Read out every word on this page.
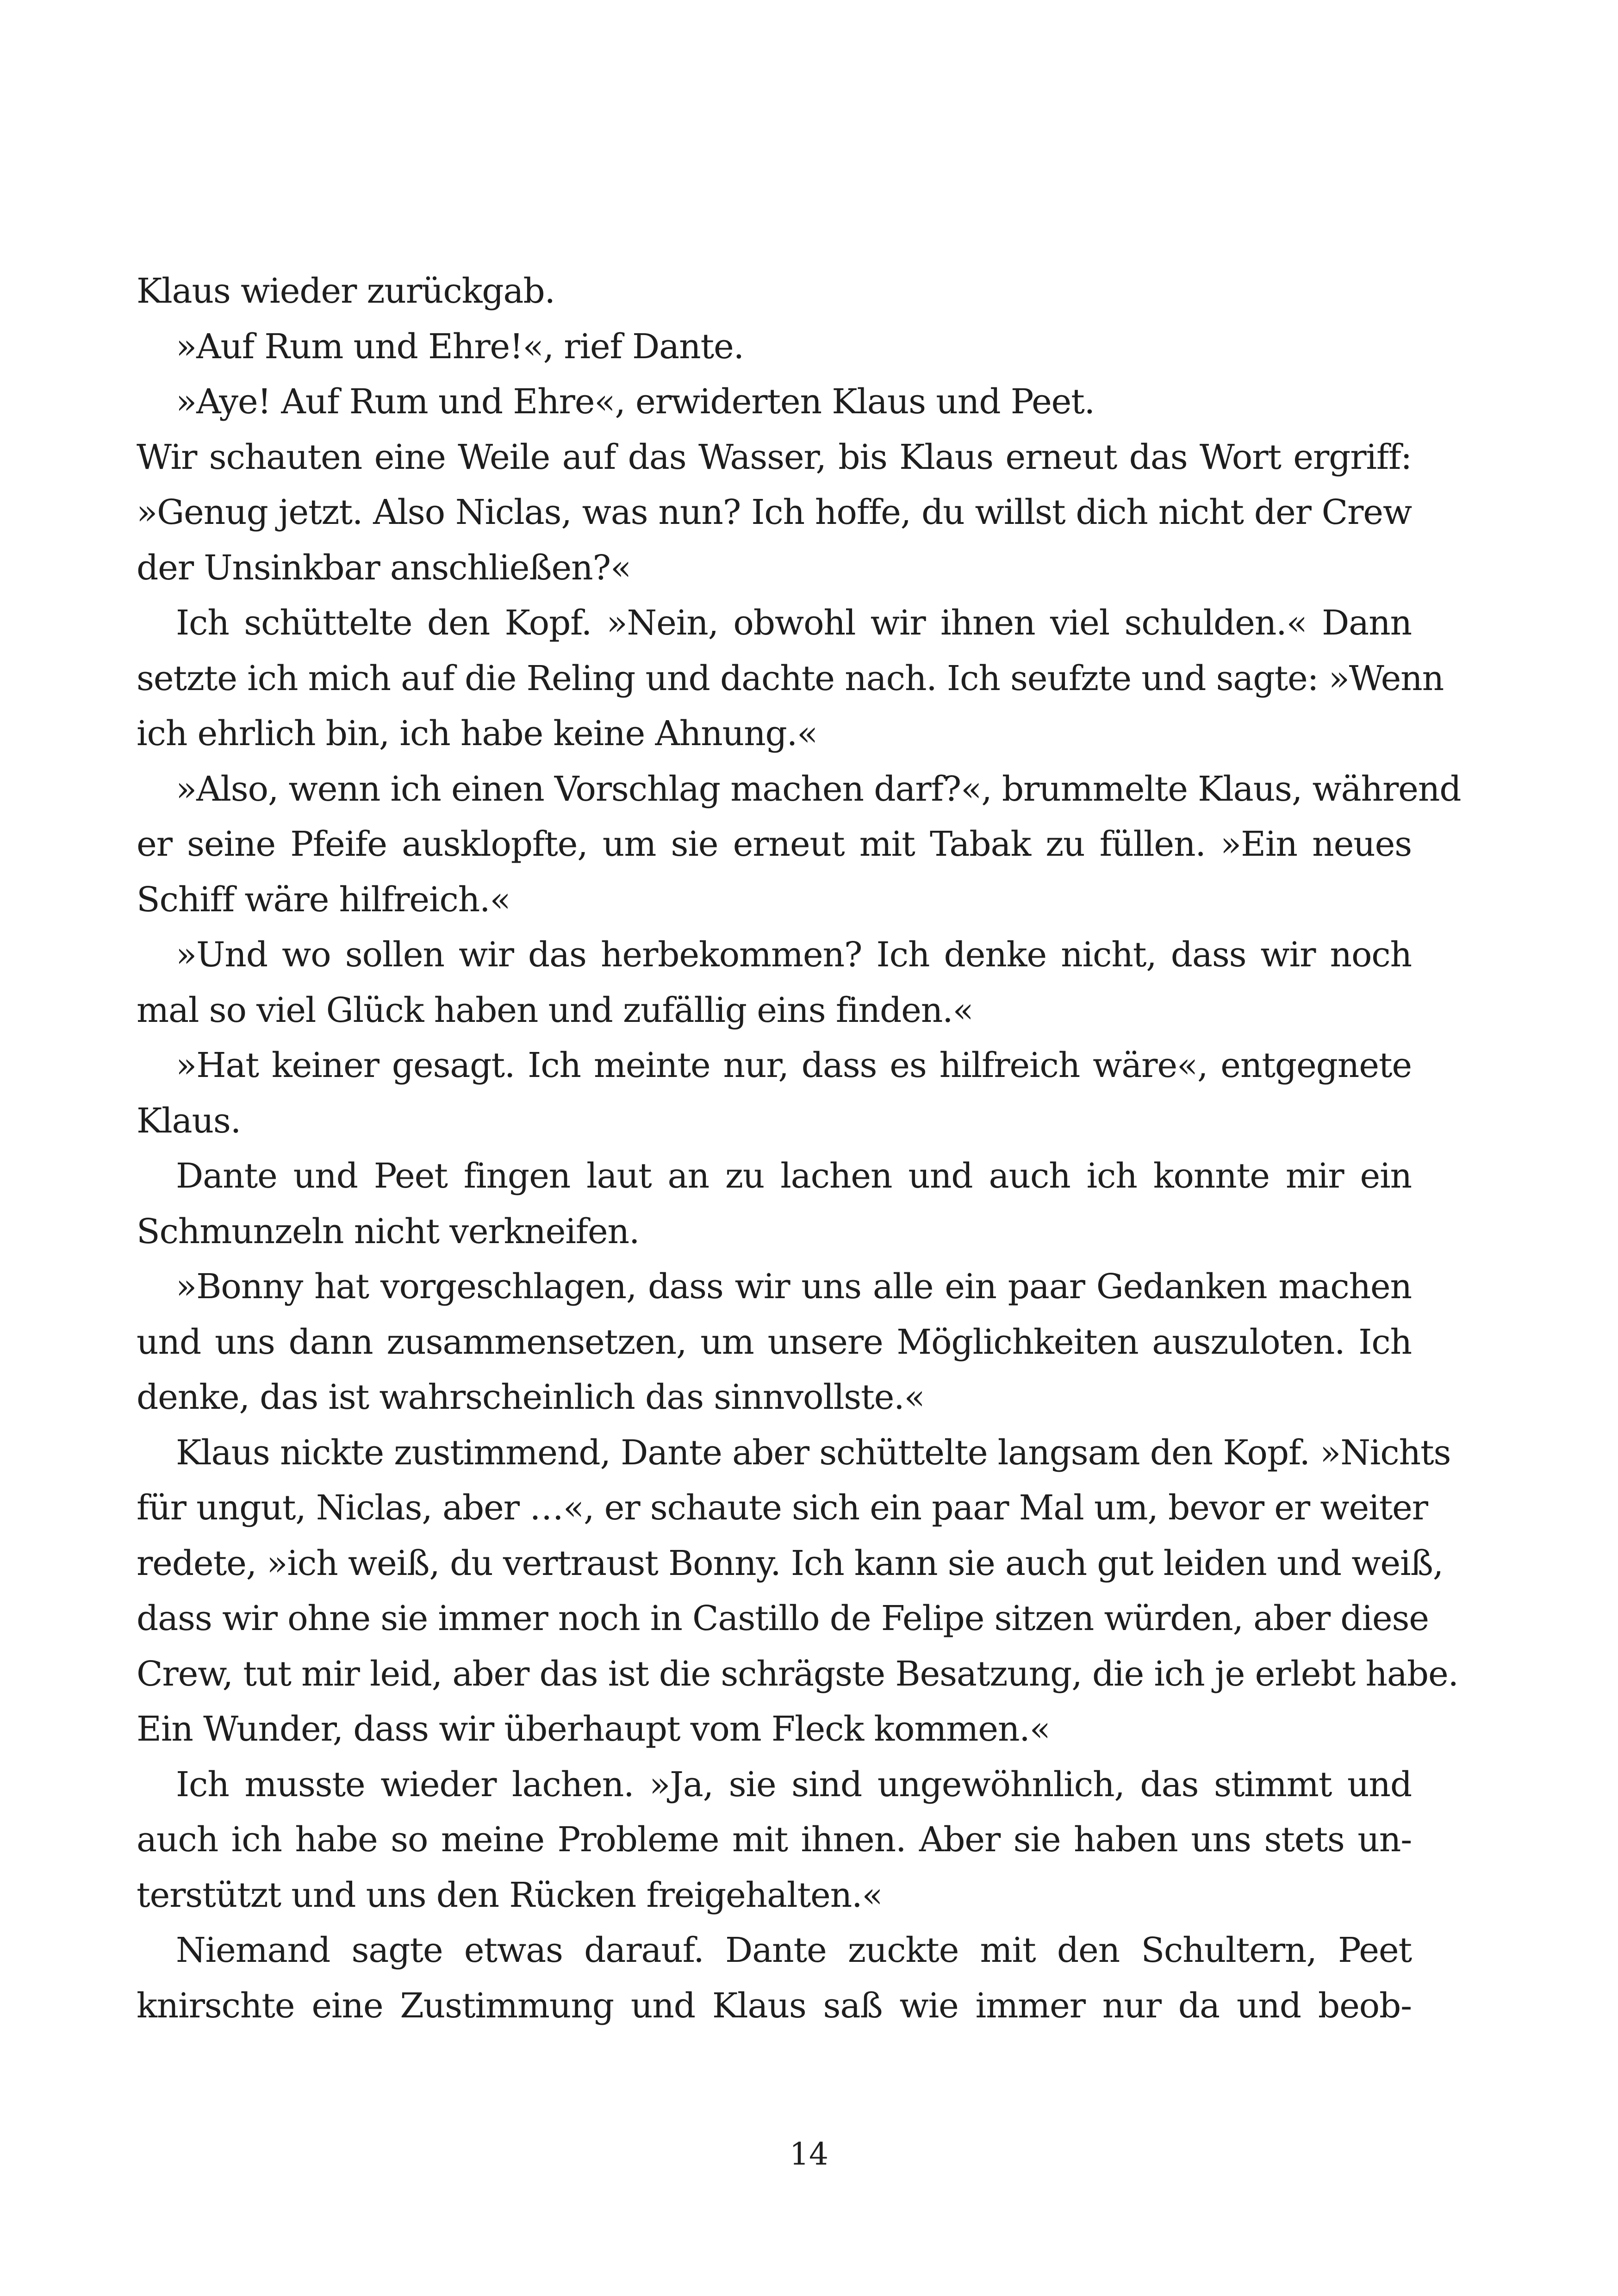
Klaus wieder zurückgab.
»Auf Rum und Ehre!«, rief Dante.
»Aye! Auf Rum und Ehre«, erwiderten Klaus und Peet.
Wir schauten eine Weile auf das Wasser, bis Klaus erneut das Wort ergriff:
»Genug jetzt. Also Niclas, was nun? Ich hoffe, du willst dich nicht der Crew
der Unsinkbar anschließen?«
Ich schüttelte den Kopf. »Nein, obwohl wir ihnen viel schulden.« Dann
setzte ich mich auf die Reling und dachte nach. Ich seufzte und sagte: »Wenn
ich ehrlich bin, ich habe keine Ahnung.«
»Also, wenn ich einen Vorschlag machen darf?«, brummelte Klaus, während
er seine Pfeife ausklopfte, um sie erneut mit Tabak zu füllen. »Ein neues
Schiff wäre hilfreich.«
»Und wo sollen wir das herbekommen? Ich denke nicht, dass wir noch
mal so viel Glück haben und zufällig eins finden.«
»Hat keiner gesagt. Ich meinte nur, dass es hilfreich wäre«, entgegnete
Klaus.
Dante und Peet fingen laut an zu lachen und auch ich konnte mir ein
Schmunzeln nicht verkneifen.
»Bonny hat vorgeschlagen, dass wir uns alle ein paar Gedanken machen
und uns dann zusammensetzen, um unsere Möglichkeiten auszuloten. Ich
denke, das ist wahrscheinlich das sinnvollste.«
Klaus nickte zustimmend, Dante aber schüttelte langsam den Kopf. »Nichts
für ungut, Niclas, aber …«, er schaute sich ein paar Mal um, bevor er weiter
redete, »ich weiß, du vertraust Bonny. Ich kann sie auch gut leiden und weiß,
dass wir ohne sie immer noch in Castillo de Felipe sitzen würden, aber diese
Crew, tut mir leid, aber das ist die schrägste Besatzung, die ich je erlebt habe.
Ein Wunder, dass wir überhaupt vom Fleck kommen.«
Ich musste wieder lachen. »Ja, sie sind ungewöhnlich, das stimmt und
auch ich habe so meine Probleme mit ihnen. Aber sie haben uns stets un-
terstützt und uns den Rücken freigehalten.«
Niemand sagte etwas darauf. Dante zuckte mit den Schultern, Peet
knirschte eine Zustimmung und Klaus saß wie immer nur da und beob-
14
